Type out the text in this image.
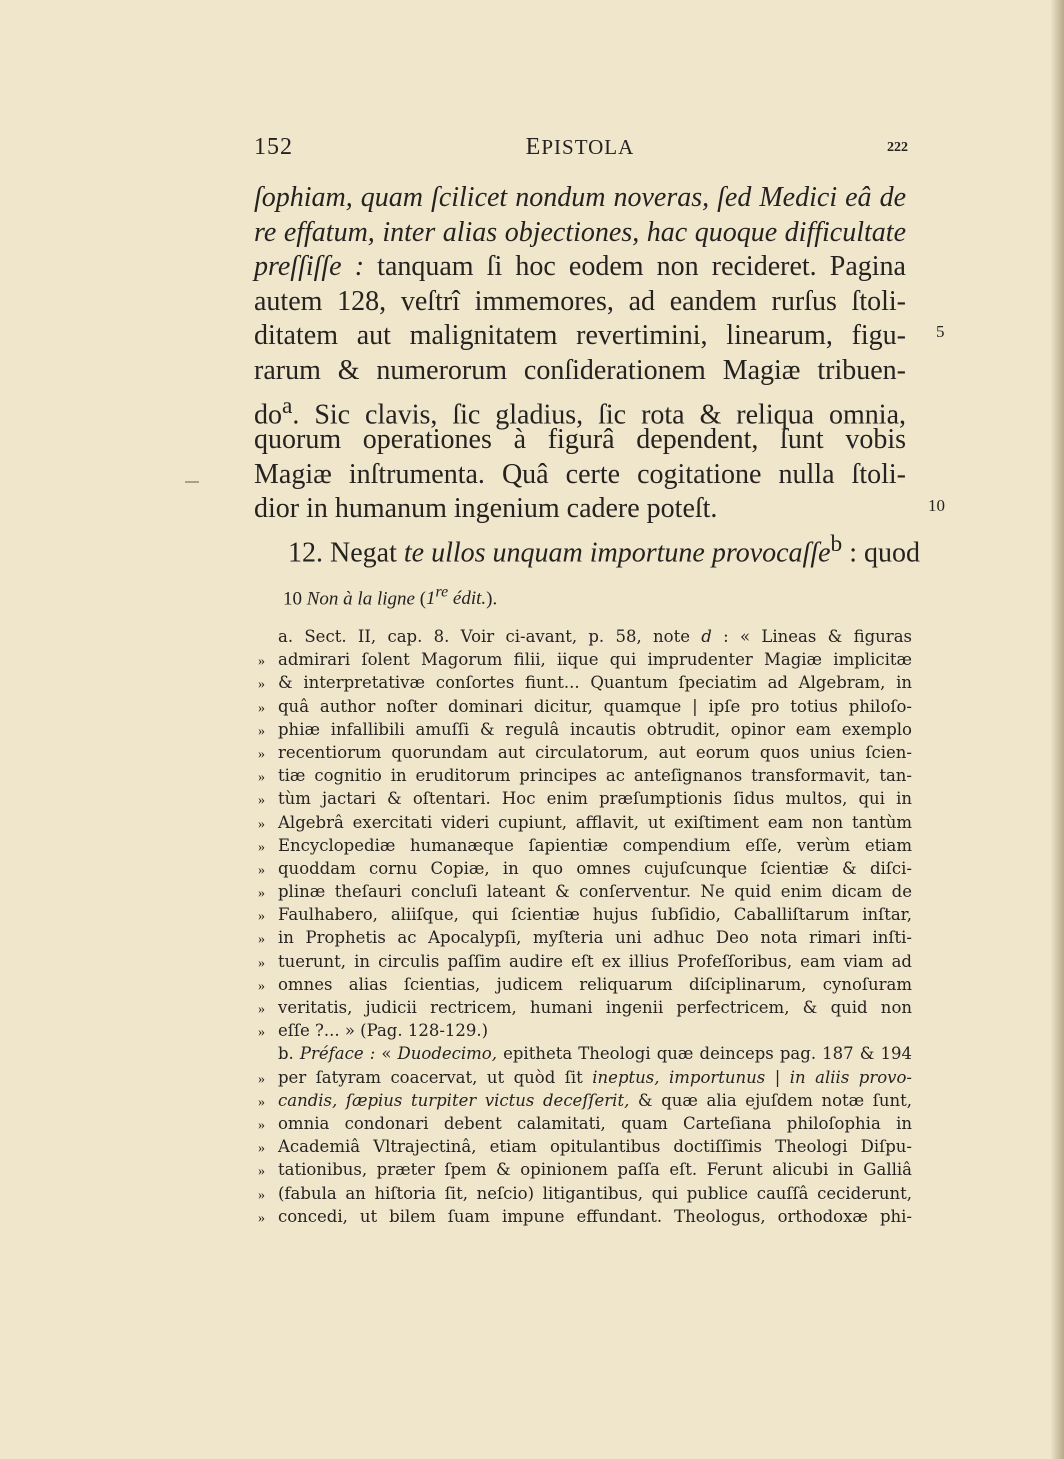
152	EPISTOLA	222
ſophiam, quam ſcilicet nondum noveras, ſed Medici eâ de
re effatum, inter alias objectiones, hac quoque difficultate
preſſiſſe : tanquam ſi hoc eodem non recideret. Pagina
autem 128, veſtrî immemores, ad eandem rurſus ſtoli-
ditatem aut malignitatem revertimini, linearum, figu-
rarum & numerorum conſiderationem Magiæ tribuen-
$do^a$. Sic clavis, ſic gladius, ſic rota & reliqua omnia,
quorum operationes à figurâ dependent, ſunt vobis
Magiæ inſtrumenta. Quâ certe cogitatione nulla ſtoli-
dior in humanum ingenium cadere poteſt.
12. Negat te ullos unquam importune provocaſſe$^b$ : quod
5
10
10 Non à la ligne (1re édit.).
a. Sect. II, cap. 8. Voir ci-avant, p. 58, note d : « Lineas & figuras
» admirari ſolent Magorum filii, iique qui imprudenter Magiæ implicitæ
» & interpretativæ conſortes fiunt... Quantum ſpeciatim ad Algebram, in
» quâ author noſter dominari dicitur, quamque | ipſe pro totius philoſo-
» phiæ infallibili amuſſi & regulâ incautis obtrudit, opinor eam exemplo
» recentiorum quorundam aut circulatorum, aut eorum quos unius ſcien-
» tiæ cognitio in eruditorum principes ac anteſignanos transformavit, tan-
» tùm jactari & oſtentari. Hoc enim præſumptionis ſidus multos, qui in
» Algebrâ exercitati videri cupiunt, afflavit, ut exiſtiment eam non tantùm
» Encyclopediæ humanæque ſapientiæ compendium eſſe, verùm etiam
» quoddam cornu Copiæ, in quo omnes cujuſcunque ſcientiæ & diſci-
» plinæ theſauri concluſi lateant & conſerventur. Ne quid enim dicam de
» Faulhabero, aliiſque, qui ſcientiæ hujus ſubſidio, Caballiſtarum inſtar,
» in Prophetis ac Apocalypſi, myſteria uni adhuc Deo nota rimari inſti-
» tuerunt, in circulis paſſim audire eſt ex illius Profeſſoribus, eam viam ad
» omnes alias ſcientias, judicem reliquarum diſciplinarum, cynoſuram
» veritatis, judicii rectricem, humani ingenii perfectricem, & quid non
» eſſe ?... » (Pag. 128-129.)
b. Préface : « Duodecimo, epitheta Theologi quæ deinceps pag. 187 & 194
» per ſatyram coacervat, ut quòd ſit ineptus, importunus | in aliis provo-
» candis, ſæpius turpiter victus deceſſerit, & quæ alia ejuſdem notæ ſunt,
» omnia condonari debent calamitati, quam Carteſiana philoſophia in
» Academiâ Vltrajectinâ, etiam opitulantibus doctiſſimis Theologi Diſpu-
» tationibus, præter ſpem & opinionem paſſa eſt. Ferunt alicubi in Galliâ
» (fabula an hiſtoria ſit, neſcio) litigantibus, qui publice cauſſâ ceciderunt,
» concedi, ut bilem ſuam impune effundant. Theologus, orthodoxæ phi-
